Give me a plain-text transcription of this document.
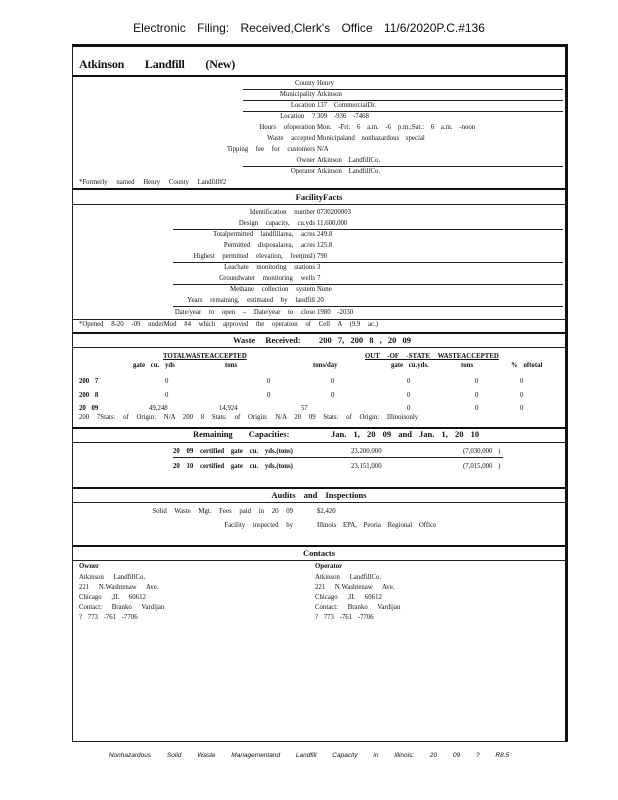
Electronic Filing: Received,Clerk's Office 11/6/2020P.C.#136
Atkinson Landfill (New)
County Henry
Municipality Atkinson
Location 137 CommercialDr.
Location ? 309 -936 -7468
Hours ofoperation Mon. -Fri: 6 a.m. -6 p.m.;Sat.: 6 a.m. -noon
Waste accepted Municipaland nonhazardous special
Tipping fee for customers N/A
Owner Atkinson LandfillCo.
Operator Atkinson LandfillCo.
*Formerly named Henry County Landfill#2
FacilityFacts
Identification number 0730200003
Design capacity, cu.yds 11,600,000
Totalpermitted landfillarea, acres 249.8
Permitted disposalarea, acres 125.8
Highest permitted elevation, feet(msl) 790
Leachate monitoring stations 3
Groundwater monitoring wells 7
Methane collection system None
Years remaining, estimated by landfill 20
Date/year to open – Date/year to close 1980 -2030
*Opened 8-20 -09 underMod #4 which approved the operation of Cell A (9.9 ac.)
Waste Received: 200 7, 200 8 , 20 09
TOTALWASTEACCEPTED	OUT -OF -STATE WASTEACCEPTED
gate cu. yds	tons	tons/day	gate cu.yds.	tons	% oftotal
200 7	0	0	0	0	0	0
200 8	0	0	0	0	0	0
20 09	49,248	14,924	57	0	0	0
200 7Stats: of Origin: N/A 200 8 Stats: of Origin: N/A 20 09 Stats: of Origin: Illinoisonly
Remaining Capacities:	Jan. 1, 20 09 and Jan. 1, 20 10
20 09 certified gate cu. yds.(tons)	23,200,000	(7,030,000 )
20 10 certified gate cu. yds.(tons)	23,151,000	(7,015,000 )
Audits and Inspections
Solid Waste Mgt. Fees paid in 20 09	$2,420
Facility inspected by	Illinois EPA, Peoria Regional Office
Contacts
Owner
Atkinson LandfillCo.
221 N.Washtenaw Ave.
Chicago ,IL 60612
Contact: Branko Vardijan
? 773 -761 -7706
Operator
Atkinson LandfillCo.
221 N.Washtenaw Ave.
Chicago ,IL 60612
Contact: Branko Vardijan
? 773 -761 -7706
Nonhazardous Solid Waste Managementand Landfill Capacity in Illinois: 20 09 ? R8.5
